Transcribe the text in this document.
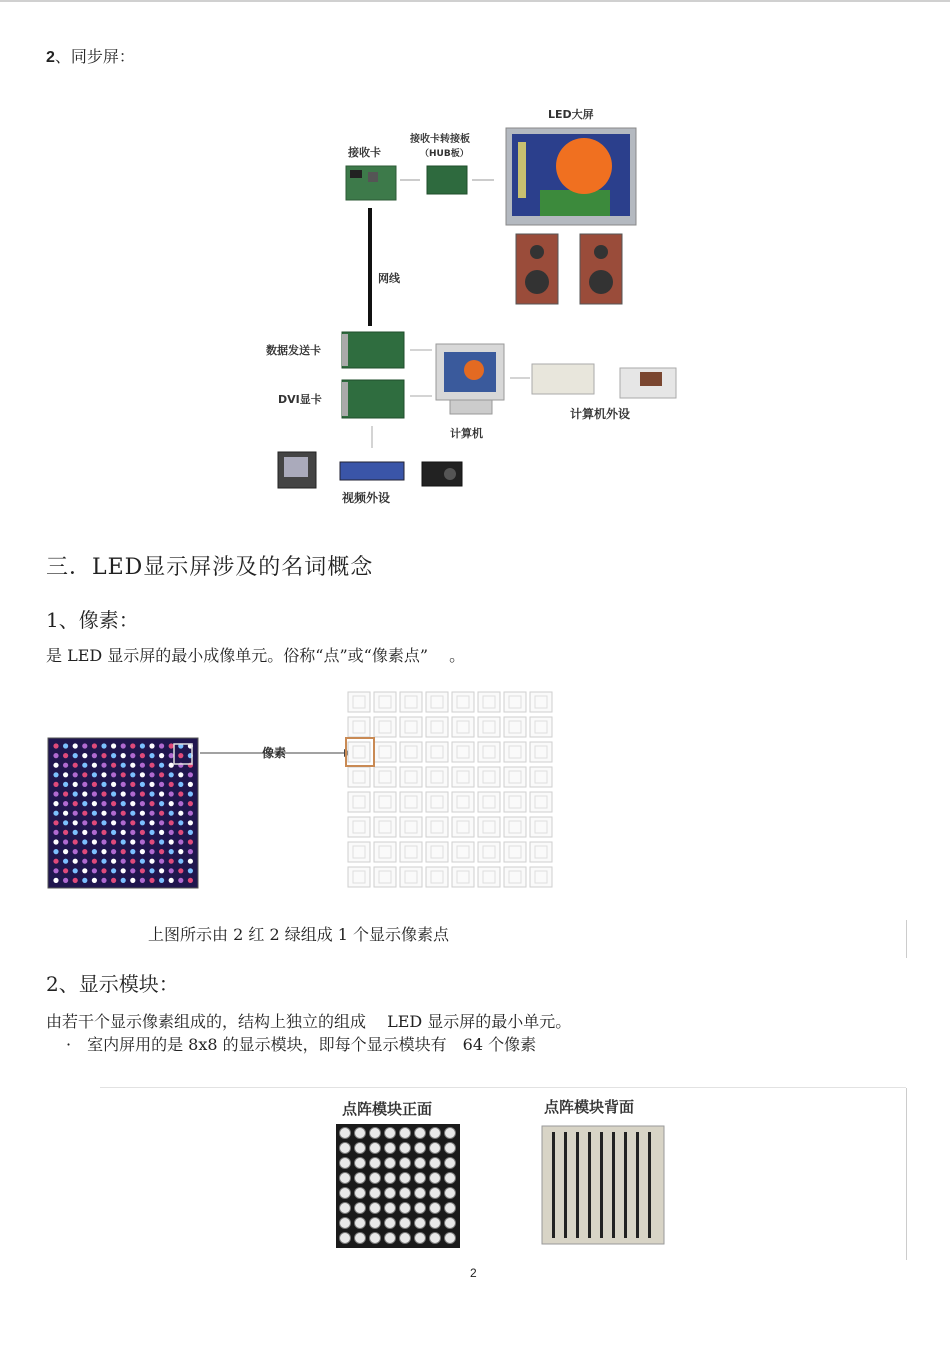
2、同步屏：
接收卡
接收卡转接板
（HUB板）
LED大屏
网线
数据发送卡
DVI显卡
计算机
计算机外设
视频外设
三．LED显示屏涉及的名词概念
1、像素：
是 LED 显示屏的最小成像单元。俗称“点”或“像素点”　 。
像素
上图所示由 2 红 2 绿组成 1 个显示像素点
2、显示模块：
由若干个显示像素组成的，结构上独立的组成　 LED 显示屏的最小单元。
·　室内屏用的是 8x8 的显示模块，即每个显示模块有　64 个像素
点阵模块正面	点阵模块背面
2
